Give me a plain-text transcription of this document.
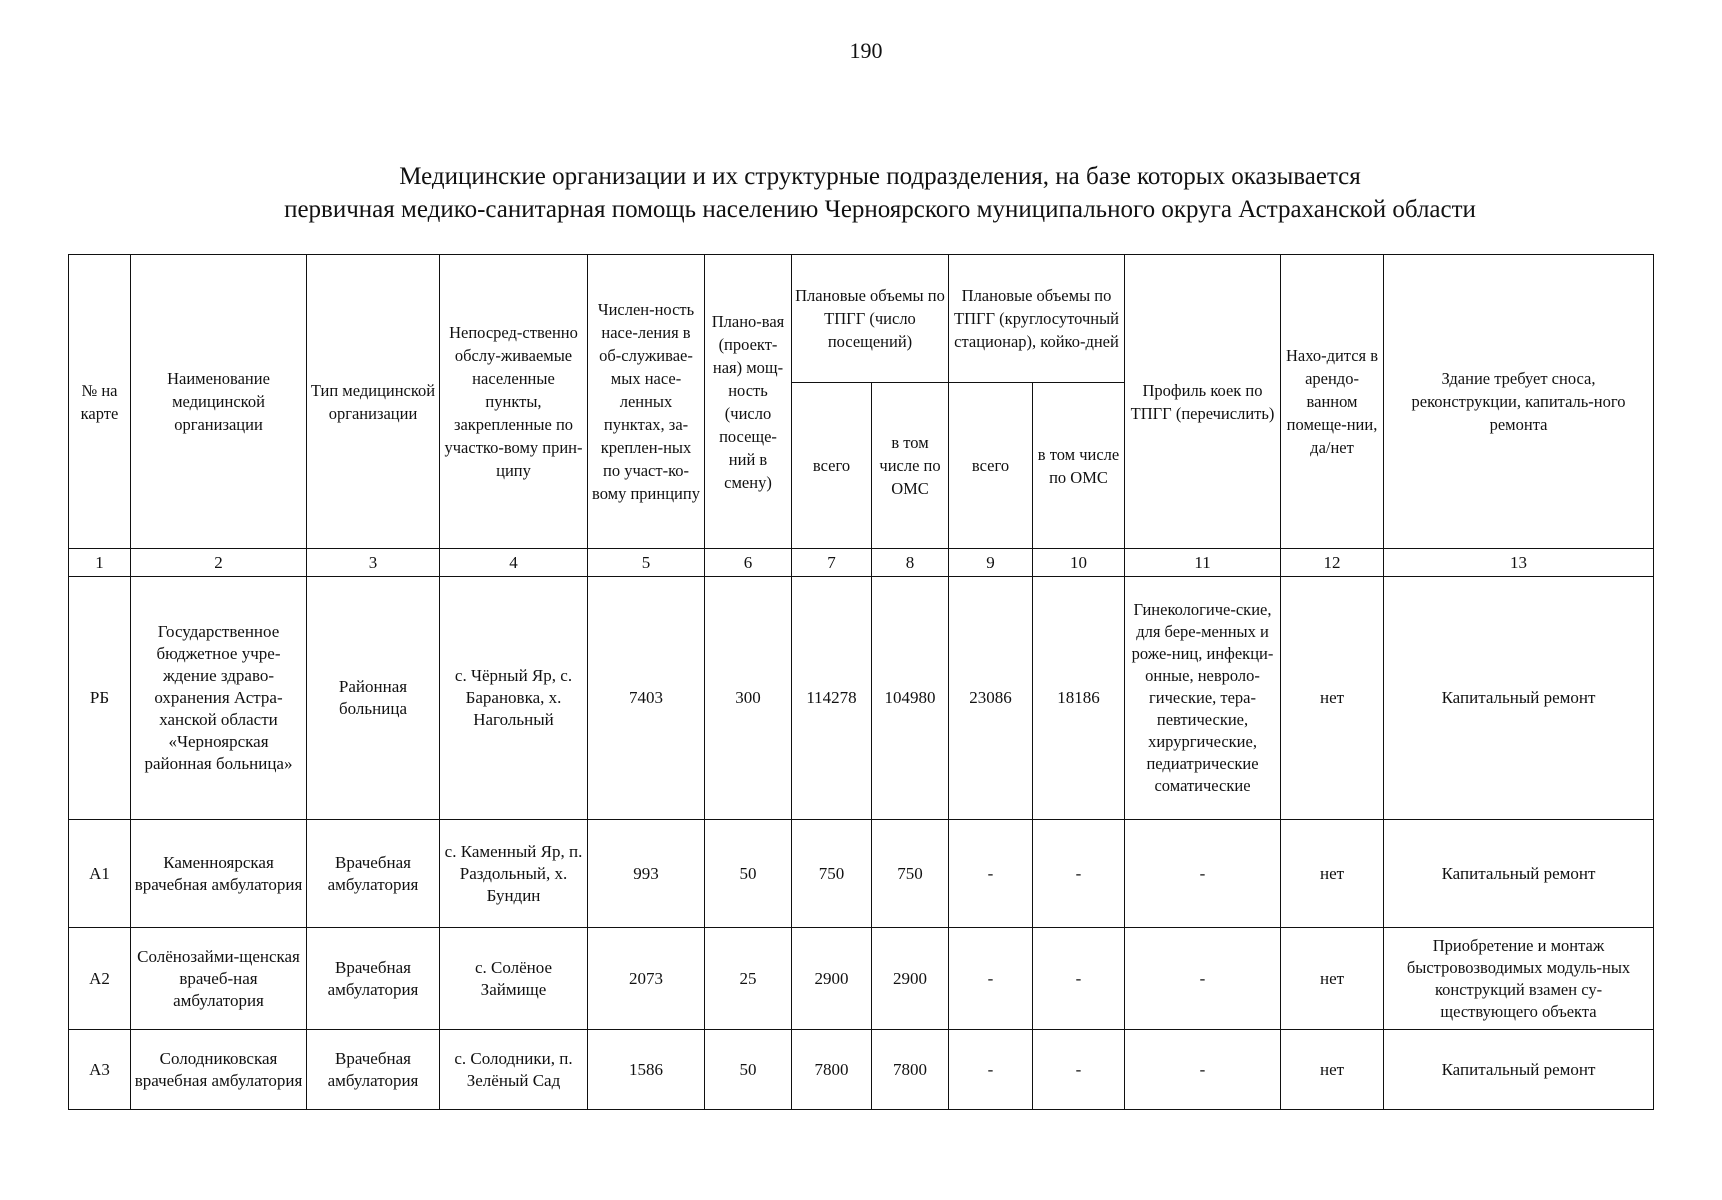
190
Медицинские организации и их структурные подразделения, на базе которых оказывается
первичная медико-санитарная помощь населению Черноярского муниципального округа Астраханской области
№ на карте	Наименование медицинской организации	Тип медицинской организации	Непосред-ственно обслу-живаемые населенные пункты, закрепленные по участко-вому прин-ципу	Числен-ность насе-ления в об-служивае-мых насе-ленных пунктах, за-креплен-ных по участ-ко-вому принципу	Плано-вая (проект-ная) мощ-ность (число посеще-ний в смену)	Плановые объемы по ТПГГ (число посещений)		Плановые объемы по ТПГГ (круглосуточный стационар), койко-дней		Профиль коек по ТПГГ (перечислить)	Нахо-дится в арендо-ванном помеще-нии, да/нет	Здание требует сноса, реконструкции, капиталь-ного ремонта
						всего	в том числе по ОМС	всего	в том числе по ОМС			
1	2	3	4	5	6	7	8	9	10	11	12	13
РБ	Государственное бюджетное учре-ждение здраво-охранения Астра-ханской области «Черноярская районная больница»	Районная больница	с. Чёрный Яр, с. Барановка, х. Нагольный	7403	300	114278	104980	23086	18186	Гинекологиче-ские, для бере-менных и роже-ниц, инфекци-онные, невроло-гические, тера-певтические, хирургические, педиатрические соматические	нет	Капитальный ремонт
А1	Каменноярская врачебная амбулатория	Врачебная амбулатория	с. Каменный Яр, п. Раздольный, х. Бундин	993	50	750	750	-	-	-	нет	Капитальный ремонт
А2	Солёнозайми-щенская врачеб-ная амбулатория	Врачебная амбулатория	с. Солёное Займище	2073	25	2900	2900	-	-	-	нет	Приобретение и монтаж быстровозводимых модуль-ных конструкций взамен су-ществующего объекта
А3	Солодниковская врачебная амбулатория	Врачебная амбулатория	с. Солодники, п. Зелёный Сад	1586	50	7800	7800	-	-	-	нет	Капитальный ремонт
